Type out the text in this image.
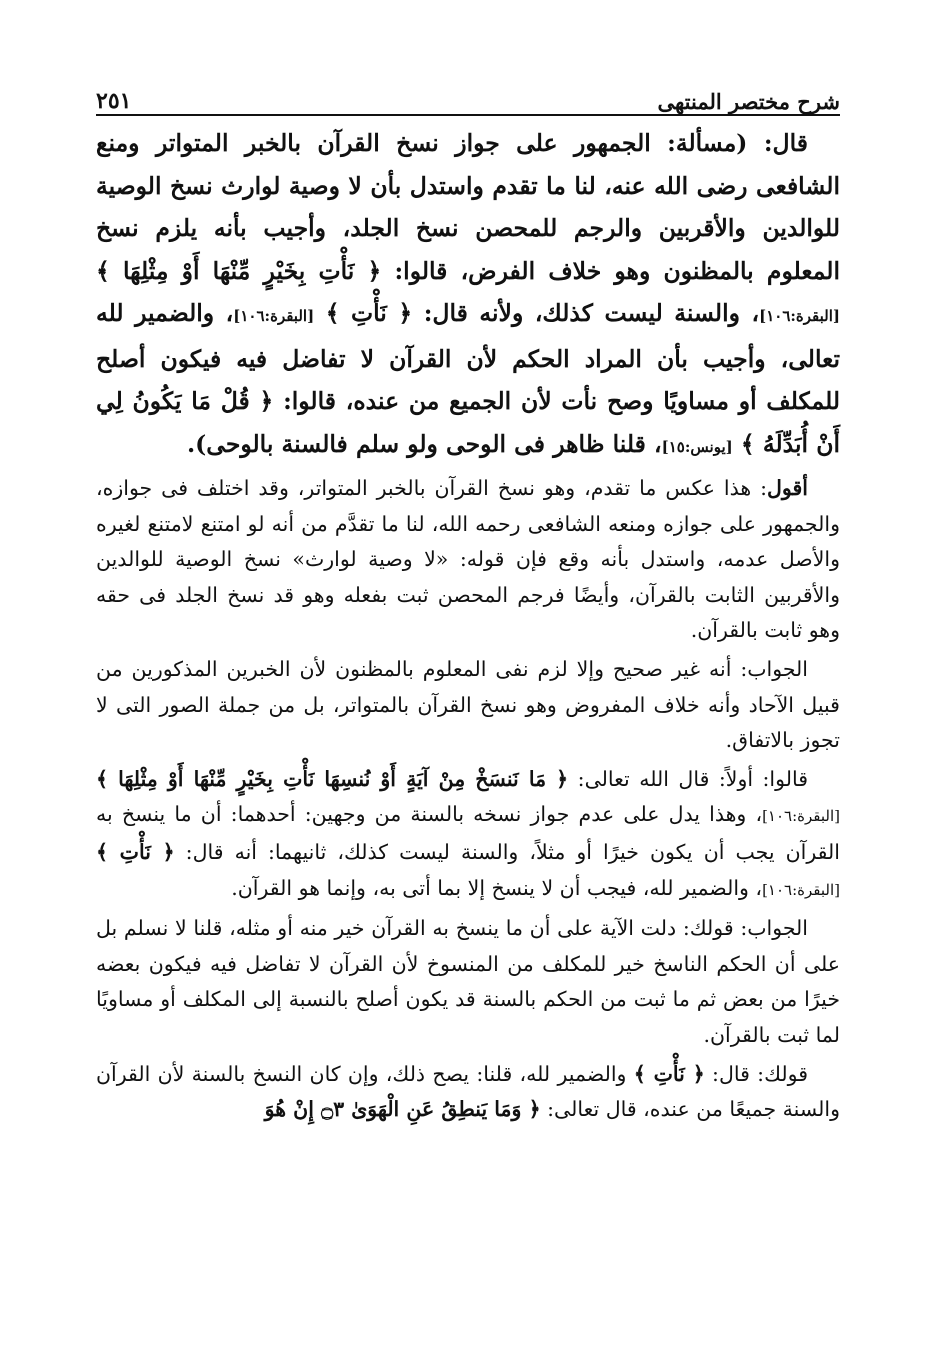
شرح مختصر المنتهى
٢٥١

قال: (مسألة: الجمهور على جواز نسخ القرآن بالخبر المتواتر ومنع الشافعى رضى الله عنه، لنا ما تقدم واستدل بأن لا وصية لوارث نسخ الوصية للوالدين والأقربين والرجم للمحصن نسخ الجلد، وأجيب بأنه يلزم نسخ المعلوم بالمظنون وهو خلاف الفرض، قالوا: ﴿ نَأْتِ بِخَيْرٍ مِّنْهَا أَوْ مِثْلِهَا ﴾ [البقرة:١٠٦]، والسنة ليست كذلك، ولأنه قال: ﴿ نَأْتِ ﴾ [البقرة:١٠٦]، والضمير لله تعالى، وأجيب بأن المراد الحكم لأن القرآن لا تفاضل فيه فيكون أصلح للمكلف أو مساويًا وصح نأت لأن الجميع من عنده، قالوا: ﴿ قُلْ مَا يَكُونُ لِي أَنْ أُبَدِّلَهُ ﴾ [يونس:١٥]، قلنا ظاهر فى الوحى ولو سلم فالسنة بالوحى).

أقول: هذا عكس ما تقدم، وهو نسخ القرآن بالخبر المتواتر، وقد اختلف فى جوازه، والجمهور على جوازه ومنعه الشافعى رحمه الله، لنا ما تقدَّم من أنه لو امتنع لامتنع لغيره والأصل عدمه، واستدل بأنه وقع فإن قوله: «لا وصية لوارث» نسخ الوصية للوالدين والأقربين الثابت بالقرآن، وأيضًا فرجم المحصن ثبت بفعله وهو قد نسخ الجلد فى حقه وهو ثابت بالقرآن.

الجواب: أنه غير صحيح وإلا لزم نفى المعلوم بالمظنون لأن الخبرين المذكورين من قبيل الآحاد وأنه خلاف المفروض وهو نسخ القرآن بالمتواتر، بل من جملة الصور التى لا تجوز بالاتفاق.

قالوا: أولاً: قال الله تعالى: ﴿ مَا نَنسَخْ مِنْ آيَةٍ أَوْ نُنسِهَا نَأْتِ بِخَيْرٍ مِّنْهَا أَوْ مِثْلِهَا ﴾ [البقرة:١٠٦]، وهذا يدل على عدم جواز نسخه بالسنة من وجهين: أحدهما: أن ما ينسخ به القرآن يجب أن يكون خيرًا أو مثلاً، والسنة ليست كذلك، ثانيهما: أنه قال: ﴿ نَأْتِ ﴾ [البقرة:١٠٦]، والضمير لله، فيجب أن لا ينسخ إلا بما أتى به، وإنما هو القرآن.

الجواب: قولك: دلت الآية على أن ما ينسخ به القرآن خير منه أو مثله، قلنا لا نسلم بل على أن الحكم الناسخ خير للمكلف من المنسوخ لأن القرآن لا تفاضل فيه فيكون بعضه خيرًا من بعض ثم ما ثبت من الحكم بالسنة قد يكون أصلح بالنسبة إلى المكلف أو مساويًا لما ثبت بالقرآن.

قولك: قال: ﴿ نَأْتِ ﴾ والضمير لله، قلنا: يصح ذلك، وإن كان النسخ بالسنة لأن القرآن والسنة جميعًا من عنده، قال تعالى: ﴿ وَمَا يَنطِقُ عَنِ الْهَوَىٰ ۝٣ إِنْ هُوَ
